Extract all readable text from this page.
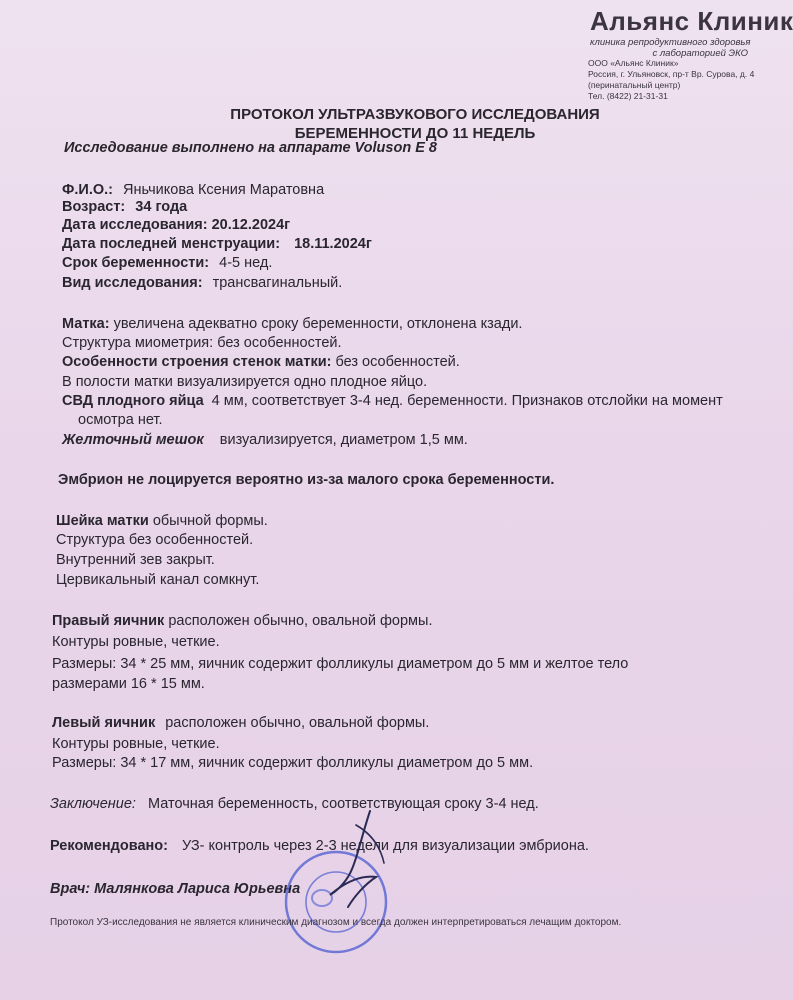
Альянс Клиник
клиника репродуктивного здоровья
с лабораторией ЭКО
ООО «Альянс Клиник»
Россия, г. Ульяновск, пр-т Вр. Сурова, д. 4
(перинатальный центр)
Тел. (8422) 21-31-31
ПРОТОКОЛ УЛЬТРАЗВУКОВОГО ИССЛЕДОВАНИЯ
БЕРЕМЕННОСТИ ДО 11 НЕДЕЛЬ
Исследование выполнено на аппарате Voluson E 8
Ф.И.О.: Яньчикова Ксения Маратовна
Возраст: 34 года
Дата исследования: 20.12.2024г
Дата последней менструации: 18.11.2024г
Срок беременности: 4-5 нед.
Вид исследования: трансвагинальный.
Матка: увеличена адекватно сроку беременности, отклонена кзади.
Структура миометрия: без особенностей.
Особенности строения стенок матки: без особенностей.
В полости матки визуализируется одно плодное яйцо.
СВД плодного яйца 4 мм, соответствует 3-4 нед. беременности. Признаков отслойки на момент
осмотра нет.
Желточный мешок визуализируется, диаметром 1,5 мм.
Эмбрион не лоцируется вероятно из-за малого срока беременности.
Шейка матки обычной формы.
Структура без особенностей.
Внутренний зев закрыт.
Цервикальный канал сомкнут.
Правый яичник расположен обычно, овальной формы.
Контуры ровные, четкие.
Размеры: 34 * 25 мм, яичник содержит фолликулы диаметром до 5 мм и желтое тело
размерами 16 * 15 мм.
Левый яичник расположен обычно, овальной формы.
Контуры ровные, четкие.
Размеры: 34 * 17 мм, яичник содержит фолликулы диаметром до 5 мм.
Заключение: Маточная беременность, соответствующая сроку 3-4 нед.
Рекомендовано: УЗ- контроль через 2-3 недели для визуализации эмбриона.
Врач: Малянкова Лариса Юрьевна
Протокол УЗ-исследования не является клиническим диагнозом и всегда должен интерпретироваться лечащим доктором.
